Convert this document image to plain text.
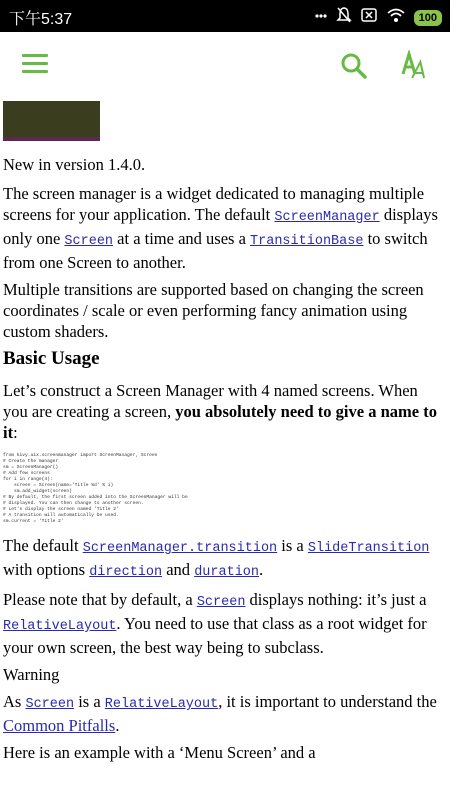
下午5:37	100

New in version 1.4.0.

The screen manager is a widget dedicated to managing multiple screens for your application. The default ScreenManager displays only one Screen at a time and uses a TransitionBase to switch from one Screen to another.

Multiple transitions are supported based on changing the screen coordinates / scale or even performing fancy animation using custom shaders.

Basic Usage

Let’s construct a Screen Manager with 4 named screens. When you are creating a screen, you absolutely need to give a name to it:

from kivy.uix.screenmanager import ScreenManager, Screen
# Create the manager
sm = ScreenManager()
# Add few screens
for i in range(4):
screen = Screen(name='Title %d' % i)
sm.add_widget(screen)
# By default, the first screen added into the ScreenManager will be
# displayed. You can then change to another screen.
# Let's display the screen named 'Title 2'
# A transition will automatically be used.
sm.current = 'Title 2'

The default ScreenManager.transition is a SlideTransition with options direction and duration.

Please note that by default, a Screen displays nothing: it’s just a RelativeLayout. You need to use that class as a root widget for your own screen, the best way being to subclass.

Warning

As Screen is a RelativeLayout, it is important to understand the Common Pitfalls.

Here is an example with a ‘Menu Screen’ and a
